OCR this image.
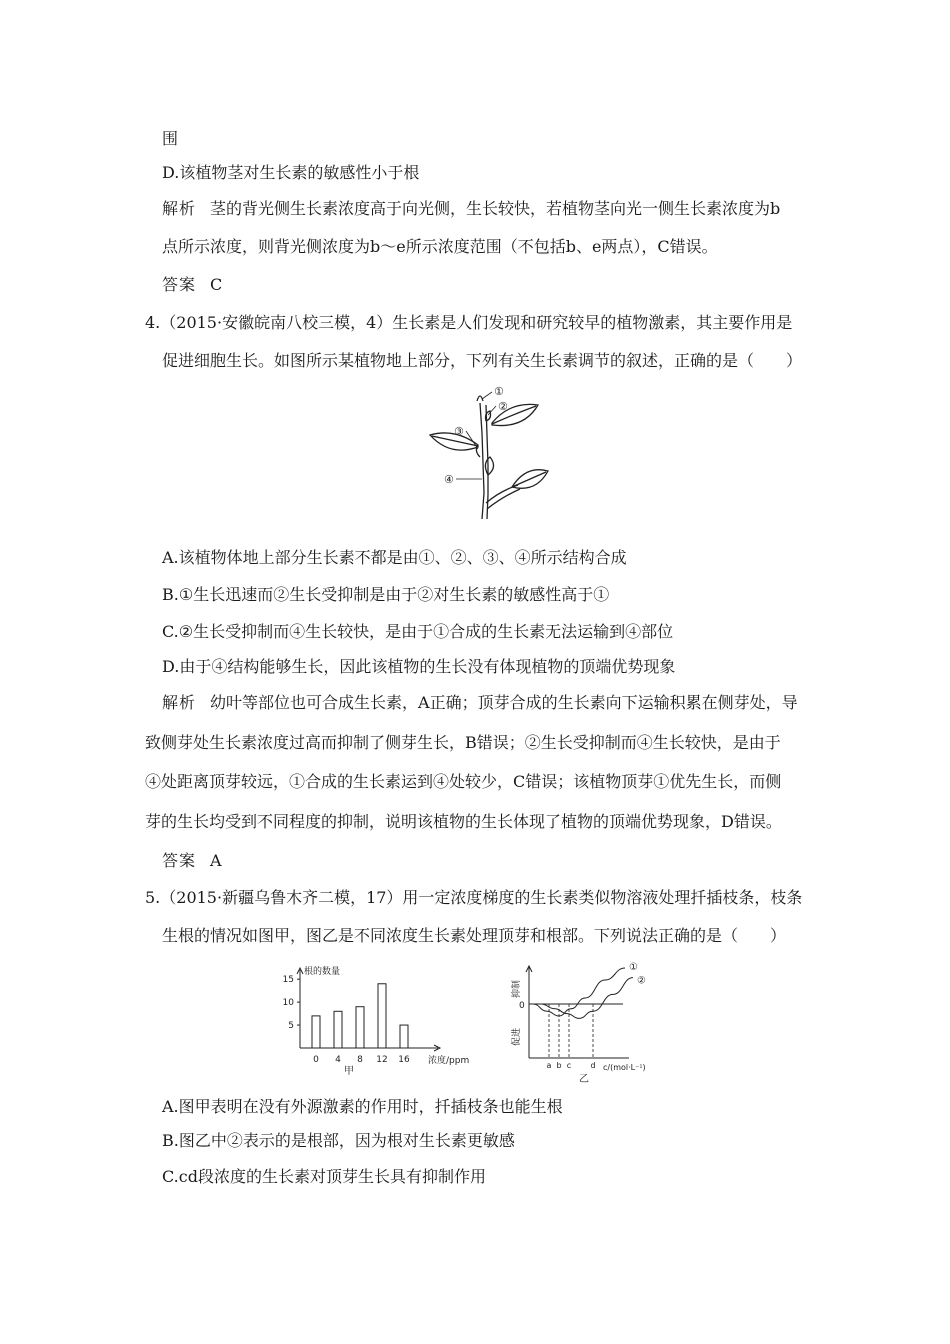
围
D.该植物茎对生长素的敏感性小于根
解析 茎的背光侧生长素浓度高于向光侧，生长较快，若植物茎向光一侧生长素浓度为b
点所示浓度，则背光侧浓度为b～e所示浓度范围（不包括b、e两点），C错误。
答案 C
4.（2015·安徽皖南八校三模，4）生长素是人们发现和研究较早的植物激素，其主要作用是
促进细胞生长。如图所示某植物地上部分，下列有关生长素调节的叙述，正确的是（　　）
①
②
③
④
A.该植物体地上部分生长素不都是由①、②、③、④所示结构合成
B.①生长迅速而②生长受抑制是由于②对生长素的敏感性高于①
C.②生长受抑制而④生长较快，是由于①合成的生长素无法运输到④部位
D.由于④结构能够生长，因此该植物的生长没有体现植物的顶端优势现象
解析 幼叶等部位也可合成生长素，A正确；顶芽合成的生长素向下运输积累在侧芽处，导
致侧芽处生长素浓度过高而抑制了侧芽生长，B错误；②生长受抑制而④生长较快，是由于
④处距离顶芽较远，①合成的生长素运到④处较少，C错误；该植物顶芽①优先生长，而侧
芽的生长均受到不同程度的抑制，说明该植物的生长体现了植物的顶端优势现象，D错误。
答案 A
5.（2015·新疆乌鲁木齐二模，17）用一定浓度梯度的生长素类似物溶液处理扦插枝条，枝条
生根的情况如图甲，图乙是不同浓度生长素处理顶芽和根部。下列说法正确的是（　　）
根的数量
浓度/ppm
甲
5
10
15
0 4 8 12 16
抑制
促进
0
c/(mol·L⁻¹)
乙
a b c d
①
②
A.图甲表明在没有外源激素的作用时，扦插枝条也能生根
B.图乙中②表示的是根部，因为根对生长素更敏感
C.cd段浓度的生长素对顶芽生长具有抑制作用
